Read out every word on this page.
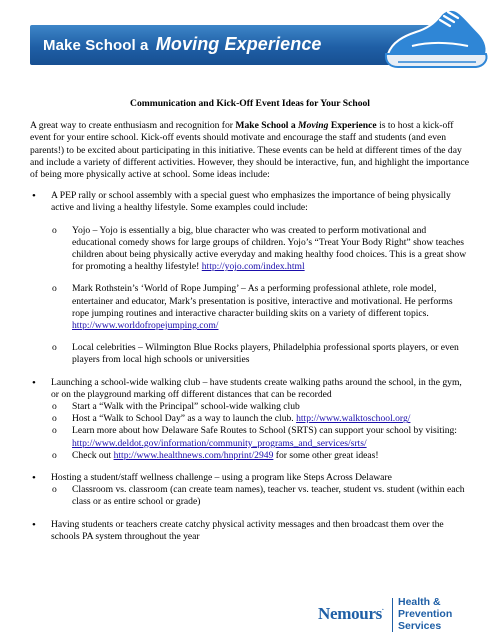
Make School a Moving Experience
Communication and Kick-Off Event Ideas for Your School
A great way to create enthusiasm and recognition for Make School a Moving Experience is to host a kick-off event for your entire school. Kick-off events should motivate and encourage the staff and students (and even parents!) to be excited about participating in this initiative. These events can be held at different times of the day and include a variety of different activities. However, they should be interactive, fun, and highlight the importance of being more physically active at school. Some ideas include:
• A PEP rally or school assembly with a special guest who emphasizes the importance of being physically active and living a healthy lifestyle. Some examples could include:
o Yojo – Yojo is essentially a big, blue character who was created to perform motivational and educational comedy shows for large groups of children. Yojo’s “Treat Your Body Right” show teaches children about being physically active everyday and making healthy food choices. This is a great show for promoting a healthy lifestyle! http://yojo.com/index.html
o Mark Rothstein’s ‘World of Rope Jumping’ – As a performing professional athlete, role model, entertainer and educator, Mark’s presentation is positive, interactive and motivational. He performs rope jumping routines and interactive character building skits on a variety of different topics. http://www.worldofropejumping.com/
o Local celebrities – Wilmington Blue Rocks players, Philadelphia professional sports players, or even players from local high schools or universities
• Launching a school-wide walking club – have students create walking paths around the school, in the gym, or on the playground marking off different distances that can be recorded
o Start a “Walk with the Principal” school-wide walking club
o Host a “Walk to School Day” as a way to launch the club. http://www.walktoschool.org/
o Learn more about how Delaware Safe Routes to School (SRTS) can support your school by visiting: http://www.deldot.gov/information/community_programs_and_services/srts/
o Check out http://www.healthnews.com/hnprint/2949 for some other great ideas!
• Hosting a student/staff wellness challenge – using a program like Steps Across Delaware
o Classroom vs. classroom (can create team names), teacher vs. teacher, student vs. student (within each class or as entire school or grade)
• Having students or teachers create catchy physical activity messages and then broadcast them over the schools PA system throughout the year
Nemours. Health &
Prevention Services
